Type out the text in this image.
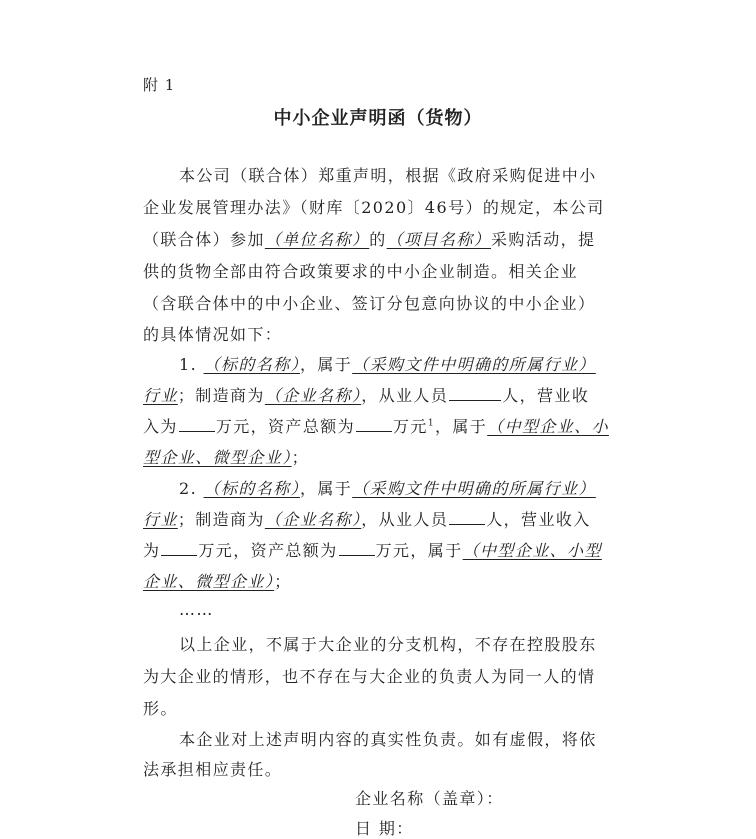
附 1
中小企业声明函（货物）
本公司（联合体）郑重声明，根据《政府采购促进中小
企业发展管理办法》（财库〔2020〕46号）的规定，本公司
（联合体）参加（单位名称）的（项目名称）采购活动，提
供的货物全部由符合政策要求的中小企业制造。相关企业
（含联合体中的中小企业、签订分包意向协议的中小企业）
的具体情况如下：
1. （标的名称），属于（采购文件中明确的所属行业）
行业；制造商为（企业名称），从业人员	人，营业收
入为 万元，资产总额为 万元$^1$，属于（中型企业、小
型企业、微型企业）；
2. （标的名称），属于（采购文件中明确的所属行业）
行业；制造商为（企业名称），从业人员 人，营业收入
为 万元，资产总额为 万元，属于（中型企业、小型
企业、微型企业）；
……
以上企业，不属于大企业的分支机构，不存在控股股东
为大企业的情形，也不存在与大企业的负责人为同一人的情
形。
本企业对上述声明内容的真实性负责。如有虚假，将依
法承担相应责任。
企业名称（盖章）：
日 期：
